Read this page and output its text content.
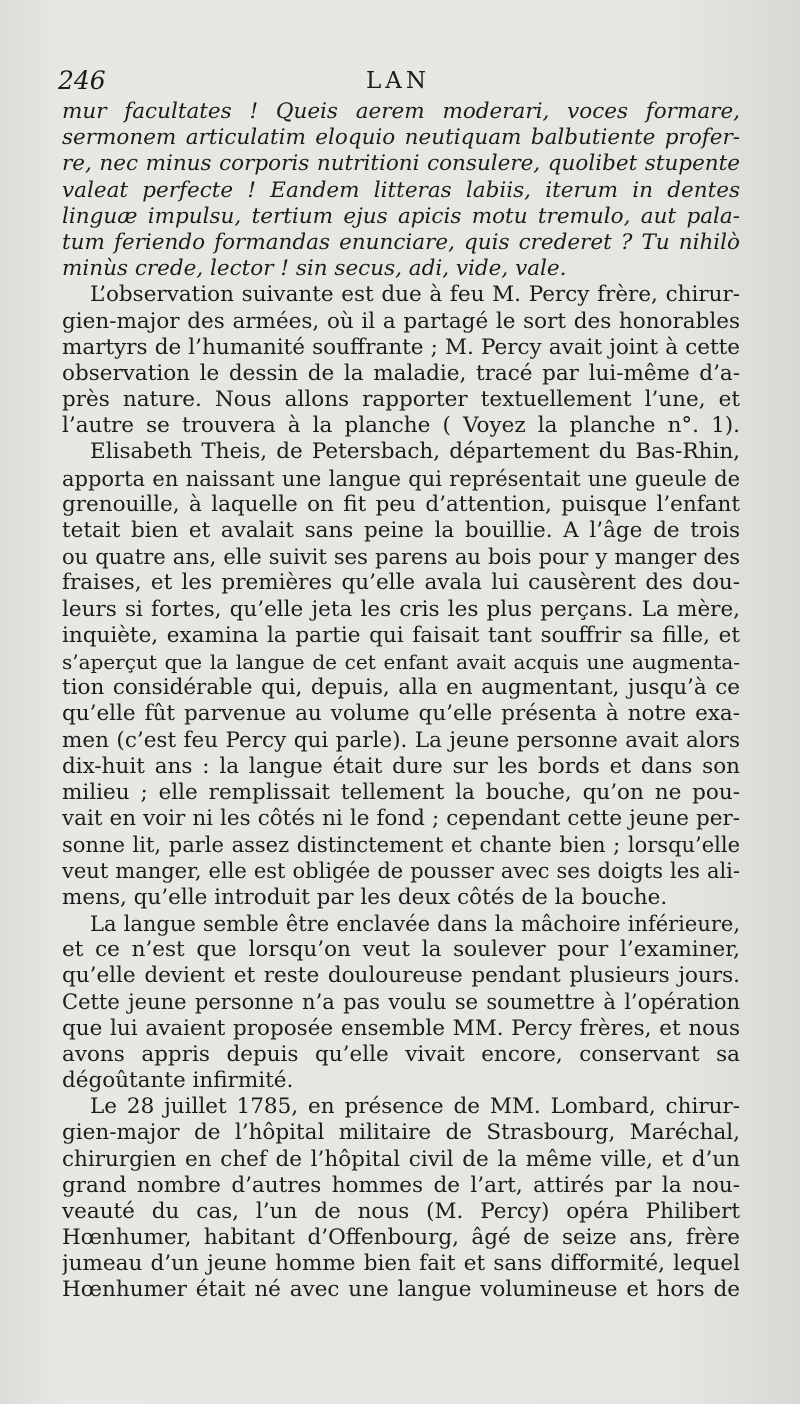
246	LAN
mur facultates ! Queis aerem moderari, voces formare,
sermonem articulatim eloquio neutiquam balbutiente profer-
re, nec minus corporis nutritioni consulere, quolibet stupente
valeat perfecte ! Eandem litteras labiis, iterum in dentes
linguæ impulsu, tertium ejus apicis motu tremulo, aut pala-
tum feriendo formandas enunciare, quis crederet ? Tu nihilò
minùs crede, lector ! sin secus, adi, vide, vale.
L’observation suivante est due à feu M. Percy frère, chirur-
gien-major des armées, où il a partagé le sort des honorables
martyrs de l’humanité souffrante ; M. Percy avait joint à cette
observation le dessin de la maladie, tracé par lui-même d’a-
près nature. Nous allons rapporter textuellement l’une, et
l’autre se trouvera à la planche ( Voyez la planche n°. 1).
Elisabeth Theis, de Petersbach, département du Bas-Rhin,
apporta en naissant une langue qui représentait une gueule de
grenouille, à laquelle on fit peu d’attention, puisque l’enfant
tetait bien et avalait sans peine la bouillie. A l’âge de trois
ou quatre ans, elle suivit ses parens au bois pour y manger des
fraises, et les premières qu’elle avala lui causèrent des dou-
leurs si fortes, qu’elle jeta les cris les plus perçans. La mère,
inquiète, examina la partie qui faisait tant souffrir sa fille, et
s’aperçut que la langue de cet enfant avait acquis une augmenta-
tion considérable qui, depuis, alla en augmentant, jusqu’à ce
qu’elle fût parvenue au volume qu’elle présenta à notre exa-
men (c’est feu Percy qui parle). La jeune personne avait alors
dix-huit ans : la langue était dure sur les bords et dans son
milieu ; elle remplissait tellement la bouche, qu’on ne pou-
vait en voir ni les côtés ni le fond ; cependant cette jeune per-
sonne lit, parle assez distinctement et chante bien ; lorsqu’elle
veut manger, elle est obligée de pousser avec ses doigts les ali-
mens, qu’elle introduit par les deux côtés de la bouche.
La langue semble être enclavée dans la mâchoire inférieure,
et ce n’est que lorsqu’on veut la soulever pour l’examiner,
qu’elle devient et reste douloureuse pendant plusieurs jours.
Cette jeune personne n’a pas voulu se soumettre à l’opération
que lui avaient proposée ensemble MM. Percy frères, et nous
avons appris depuis qu’elle vivait encore, conservant sa
dégoûtante infirmité.
Le 28 juillet 1785, en présence de MM. Lombard, chirur-
gien-major de l’hôpital militaire de Strasbourg, Maréchal,
chirurgien en chef de l’hôpital civil de la même ville, et d’un
grand nombre d’autres hommes de l’art, attirés par la nou-
veauté du cas, l’un de nous (M. Percy) opéra Philibert
Hœnhumer, habitant d’Offenbourg, âgé de seize ans, frère
jumeau d’un jeune homme bien fait et sans difformité, lequel
Hœnhumer était né avec une langue volumineuse et hors de
